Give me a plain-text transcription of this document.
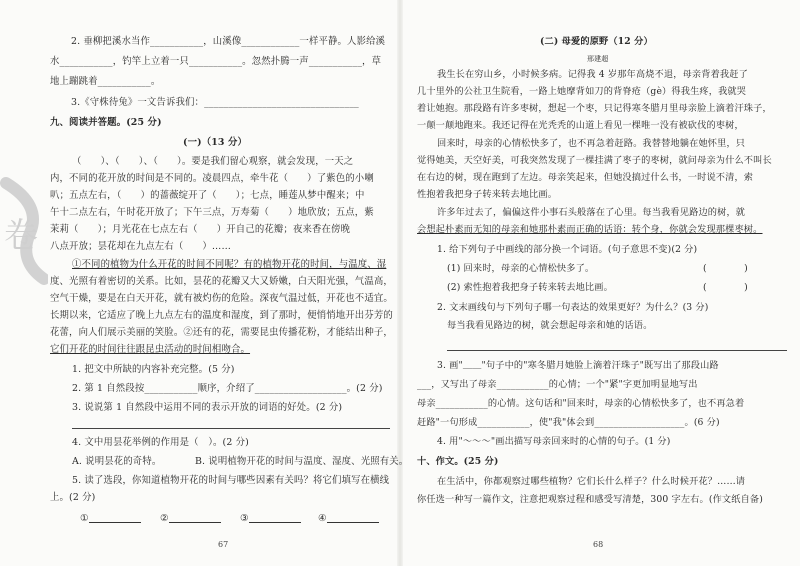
卷
2. 垂柳把溪水当作___________，山溪像____________一样平静。人影给溪
水___________，钓竿上立着一只___________。忽然扑腾一声___________，草
地上蹦跳着___________。
3.《守株待兔》一文告诉我们：________________________________
九、阅读并答题。(25 分)
(一)（13 分）
（　　）、（　　）、（　　）。要是我们留心观察，就会发现，一天之
内，不同的花开放的时间是不同的。凌晨四点，牵牛花（　　）了紫色的小喇
叭；五点左右，（　　）的蔷薇绽开了（　　）；七点，睡莲从梦中醒来；中
午十二点左右，午时花开放了；下午三点，万寿菊（　　）地欣放；五点，紫
茉莉（　　）；月光花在七点左右（　　）开自己的花瓣；夜来香在傍晚
八点开放；昙花却在九点左右（　　）……
①不同的植物为什么开花的时间不同呢？有的植物开花的时间，与温度、湿
度、光照有着密切的关系。比如，昙花的花瓣又大又娇嫩，白天阳光强，气温高，
空气干燥，要是在白天开花，就有被灼伤的危险。深夜气温过低，开花也不适宜。
长期以来，它适应了晚上九点左右的温度和湿度，到了那时，便悄悄地开出芬芳的
花蕾，向人们展示美丽的笑脸。②还有的花，需要昆虫传播花粉，才能结出种子，
它们开花的时间往往跟昆虫活动的时间相吻合。
1. 把文中所缺的内容补充完整。(5 分)
2. 第 1 自然段按___________顺序，介绍了___________________。(2 分)
3. 说说第 1 自然段中运用不同的表示开放的词语的好处。(2 分)
4. 文中用昙花举例的作用是（　）。(2 分)
A. 说明昙花的奇特。	B. 说明植物开花的时间与温度、湿度、光照有关。
5. 读了选段，你知道植物开花的时间与哪些因素有关吗？将它们填写在横线
上。(2 分)
①	②	③	④
67
(二) 母爱的原野（12 分）
邢建超
我生长在穷山乡，小时候多病。记得我 4 岁那年高烧不退，母亲背着我赶了
几十里外的公社卫生院看，一路上她摩背如刀的背脊疮（gè）得我生疼，我就哭
着让她抱。那段路有许多枣树，想起一个枣，只记得寒冬腊月里母亲脸上滴着汗珠子，
一颠一颠地跑来。我还记得在光秃秃的山道上看见一棵唯一没有被砍伐的枣树，
回来时，母亲的心情松快多了，也不再急着赶路。我替替地躺在她怀里，只
觉得她美，天空好美，可我突然发现了一棵挂满了枣子的枣树，就问母亲为什么不叫长
在右边的树，现在跑到了左边。母亲笑起来，但她没搞过什么书，一时说不清，索
性抱着我把身子转来转去地比画。
许多年过去了，偏偏这件小事石头般落在了心里。每当我看见路边的树，就
会想起朴素而无知的母亲和她那朴素而正确的话语：转个身，你就会发现那棵枣树。
1. 给下列句子中画线的部分换一个词语。(句子意思不变)(2 分)
(1) 回来时，母亲的心情松快多了。	(　　　　)
(2) 索性抱着我把身子转来转去地比画。	(　　　　)
2. 文末画线句与下列句子哪一句表达的效果更好？为什么？(3 分)
每当我看见路边的树，就会想起母亲和她的话语。
3. 画"＿＿"句子中的"寒冬腊月她脸上滴着汗珠子"既写出了那段山路
___，又写出了母亲___________的心情；一个"紧"字更加明显地写出
母亲___________的心情。这句话和"回来时，母亲的心情松快多了，也不再急着
赶路"一句形成___________，使"我"体会到___________________。(6 分)
4. 用"～～～"画出描写母亲回来时的心情的句子。(1 分)
十、作文。(25 分)
在生活中，你都观察过哪些植物？它们长什么样子？什么时候开花？……请
你任选一种写一篇作文，注意把观察过程和感受写清楚，300 字左右。(作文纸自备)
68
